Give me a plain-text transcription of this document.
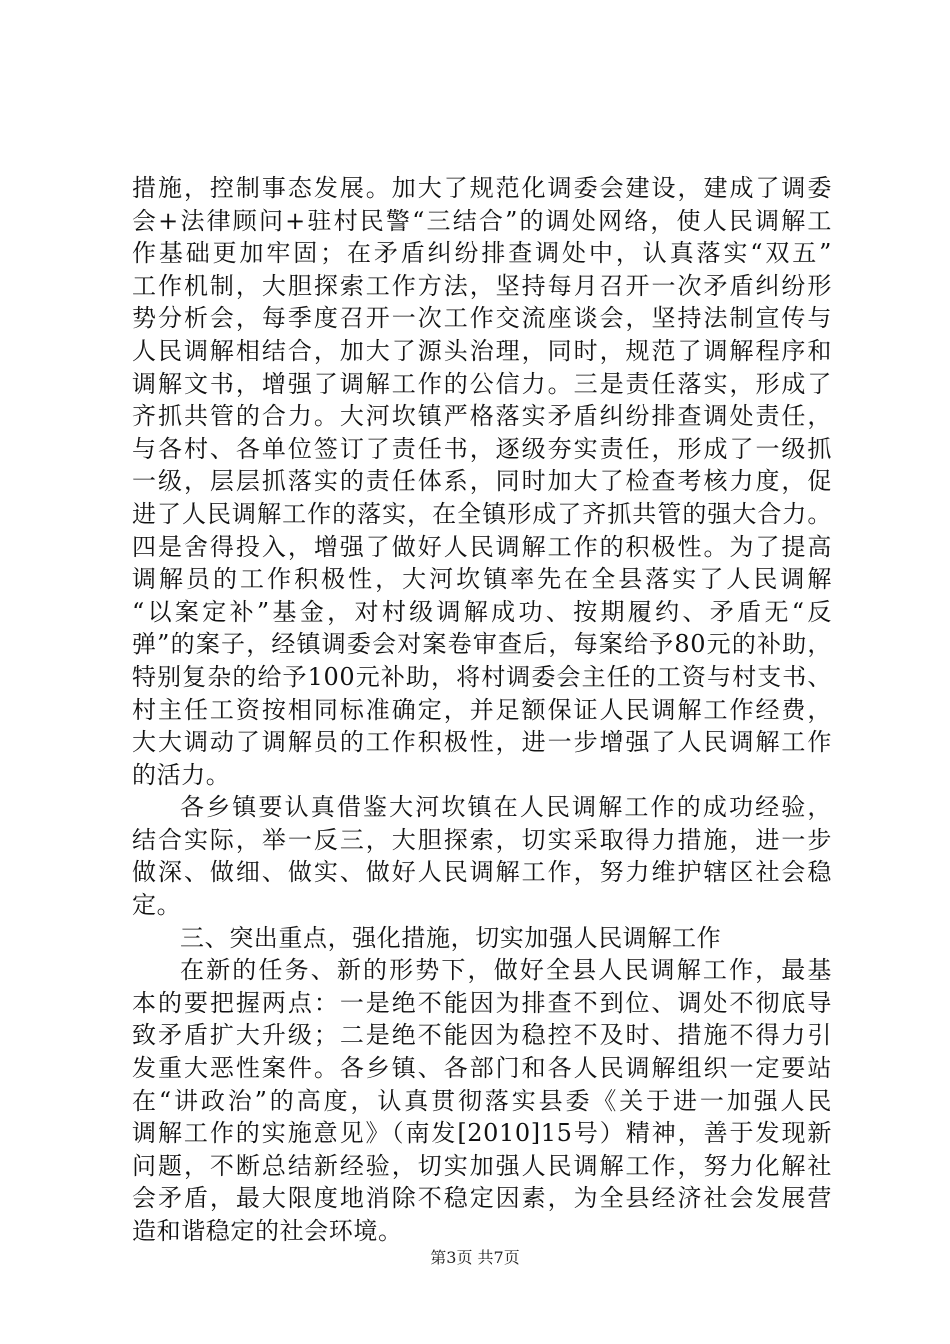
措施，控制事态发展。加大了规范化调委会建设，建成了调委
会+法律顾问+驻村民警“三结合”的调处网络，使人民调解工
作基础更加牢固；在矛盾纠纷排查调处中，认真落实“双五”
工作机制，大胆探索工作方法，坚持每月召开一次矛盾纠纷形
势分析会，每季度召开一次工作交流座谈会，坚持法制宣传与
人民调解相结合，加大了源头治理，同时，规范了调解程序和
调解文书，增强了调解工作的公信力。三是责任落实，形成了
齐抓共管的合力。大河坎镇严格落实矛盾纠纷排查调处责任，
与各村、各单位签订了责任书，逐级夯实责任，形成了一级抓
一级，层层抓落实的责任体系，同时加大了检查考核力度，促
进了人民调解工作的落实，在全镇形成了齐抓共管的强大合力。
四是舍得投入，增强了做好人民调解工作的积极性。为了提高
调解员的工作积极性，大河坎镇率先在全县落实了人民调解
“以案定补”基金，对村级调解成功、按期履约、矛盾无“反
弹”的案子，经镇调委会对案卷审查后，每案给予80元的补助，
特别复杂的给予100元补助，将村调委会主任的工资与村支书、
村主任工资按相同标准确定，并足额保证人民调解工作经费，
大大调动了调解员的工作积极性，进一步增强了人民调解工作
的活力。
各乡镇要认真借鉴大河坎镇在人民调解工作的成功经验，
结合实际，举一反三，大胆探索，切实采取得力措施，进一步
做深、做细、做实、做好人民调解工作，努力维护辖区社会稳
定。
三、突出重点，强化措施，切实加强人民调解工作
在新的任务、新的形势下，做好全县人民调解工作，最基
本的要把握两点：一是绝不能因为排查不到位、调处不彻底导
致矛盾扩大升级；二是绝不能因为稳控不及时、措施不得力引
发重大恶性案件。各乡镇、各部门和各人民调解组织一定要站
在“讲政治”的高度，认真贯彻落实县委《关于进一加强人民
调解工作的实施意见》（南发[2010]15号）精神，善于发现新
问题，不断总结新经验，切实加强人民调解工作，努力化解社
会矛盾，最大限度地消除不稳定因素，为全县经济社会发展营
造和谐稳定的社会环境。
第3页 共7页
